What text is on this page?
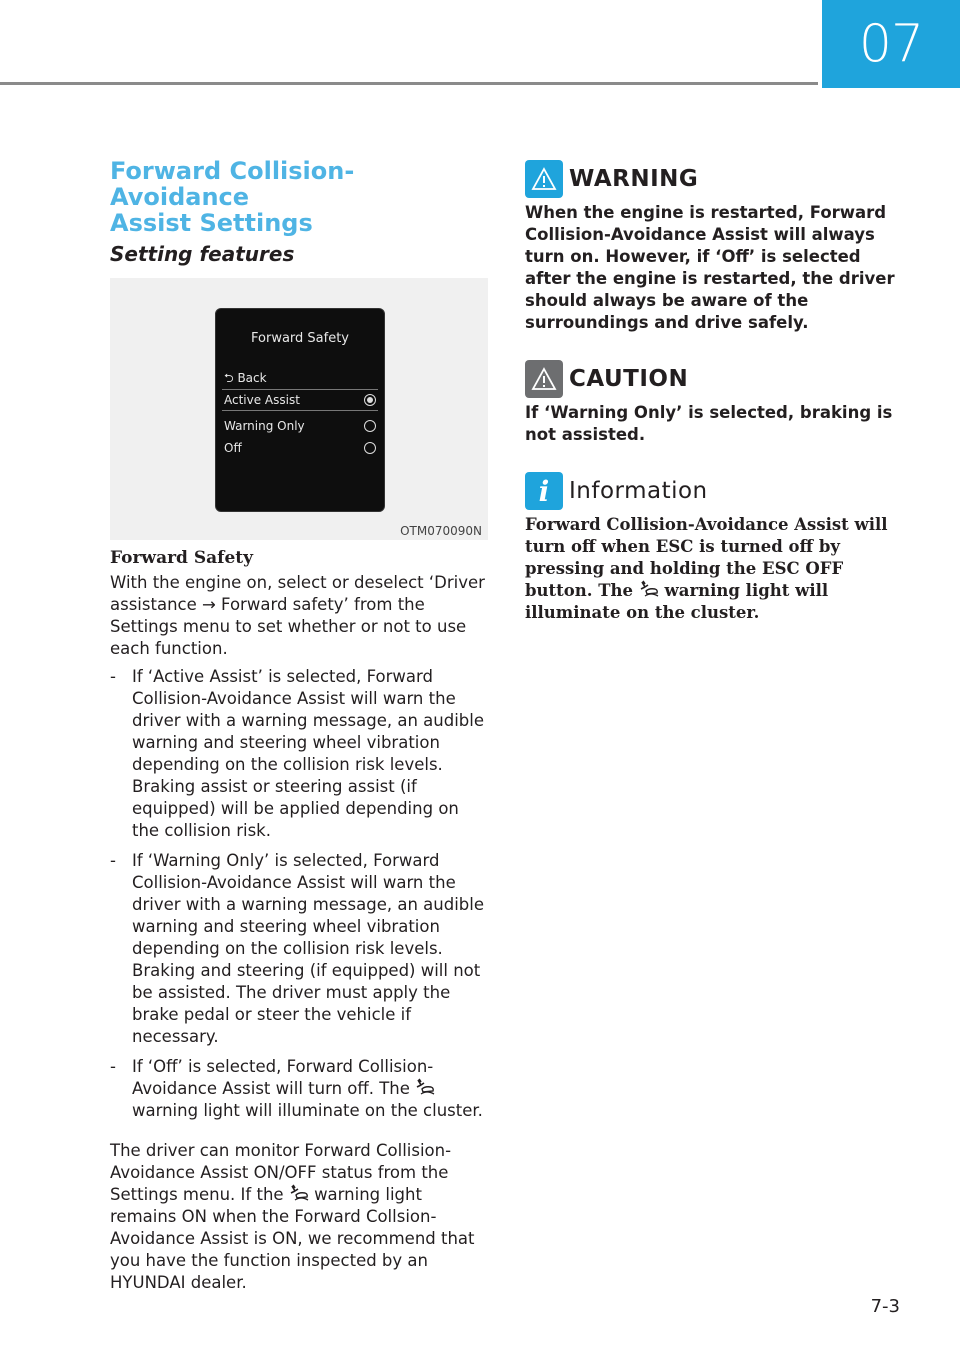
07
Forward Collision-Avoidance
Assist Settings
Setting features
Forward Safety
⮌ Back
Active Assist
Warning Only
Off
OTM070090N
Forward Safety

With the engine on, select or deselect ‘Driver assistance → Forward safety’ from the Settings menu to set whether or not to use each function.

- If ‘Active Assist’ is selected, Forward Collision-Avoidance Assist will warn the driver with a warning message, an audible warning and steering wheel vibration depending on the collision risk levels. Braking assist or steering assist (if equipped) will be applied depending on the collision risk.
- If ‘Warning Only’ is selected, Forward Collision-Avoidance Assist will warn the driver with a warning message, an audible warning and steering wheel vibration depending on the collision risk levels. Braking and steering (if equipped) will not be assisted. The driver must apply the brake pedal or steer the vehicle if necessary.
- If ‘Off’ is selected, Forward Collision-Avoidance Assist will turn off. The  warning light will illuminate on the cluster.

The driver can monitor Forward Collision-Avoidance Assist ON/OFF status from the Settings menu. If the warning light remains ON when the Forward Collsion-Avoidance Assist is ON, we recommend that you have the function inspected by an HYUNDAI dealer.

WARNING

When the engine is restarted, Forward Collision-Avoidance Assist will always turn on. However, if ‘Off’ is selected after the engine is restarted, the driver should always be aware of the surroundings and drive safely.

CAUTION

If ‘Warning Only’ is selected, braking is not assisted.

i Information

Forward Collision-Avoidance Assist will turn off when ESC is turned off by pressing and holding the ESC OFF button. The warning light will illuminate on the cluster.

7-3
